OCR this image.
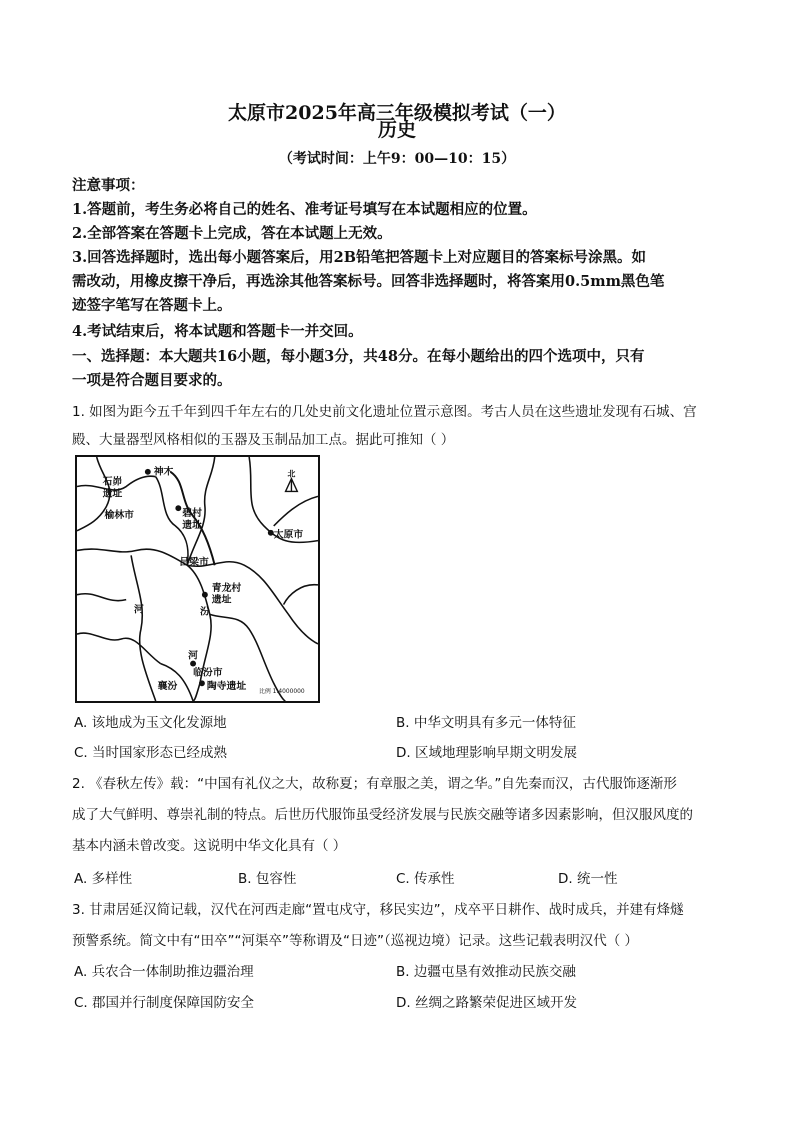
太原市2025年高三年级模拟考试（一）
历史
（考试时间：上午9：00—10：15）
注意事项：
1.答题前，考生务必将自己的姓名、准考证号填写在本试题相应的位置。
2.全部答案在答题卡上完成，答在本试题上无效。
3.回答选择题时，选出每小题答案后，用2B铅笔把答题卡上对应题目的答案标号涂黑。如
需改动，用橡皮擦干净后，再选涂其他答案标号。回答非选择题时，将答案用0.5mm黑色笔
迹签字笔写在答题卡上。
4.考试结束后，将本试题和答题卡一并交回。
一、选择题：本大题共16小题，每小题3分，共48分。在每小题给出的四个选项中，只有
一项是符合题目要求的。
1. 如图为距今五千年到四千年左右的几处史前文化遗址位置示意图。考古人员在这些遗址发现有石城、宫
殿、大量器型风格相似的玉器及玉制品加工点。据此可推知（ ）
神木
石峁
遗址
榆林市	碧村
遗址
太原市
吕梁市
青龙村
遗址
河	汾
河
临汾市
襄汾	陶寺遗址 比例 1:4000000
北
A. 该地成为玉文化发源地	B. 中华文明具有多元一体特征
C. 当时国家形态已经成熟	D. 区域地理影响早期文明发展
2. 《春秋左传》载：“中国有礼仪之大，故称夏；有章服之美，谓之华。”自先秦而汉，古代服饰逐渐形
成了大气鲜明、尊崇礼制的特点。后世历代服饰虽受经济发展与民族交融等诸多因素影响，但汉服风度的
基本内涵未曾改变。这说明中华文化具有（ ）
A. 多样性	B. 包容性	C. 传承性	D. 统一性
3. 甘肃居延汉简记载，汉代在河西走廊“置屯戍守，移民实边”，戍卒平日耕作、战时成兵，并建有烽燧
预警系统。简文中有“田卒”“河渠卒”等称谓及“日迹”（巡视边境）记录。这些记载表明汉代（ ）
A. 兵农合一体制助推边疆治理	B. 边疆屯垦有效推动民族交融
C. 郡国并行制度保障国防安全	D. 丝绸之路繁荣促进区域开发
